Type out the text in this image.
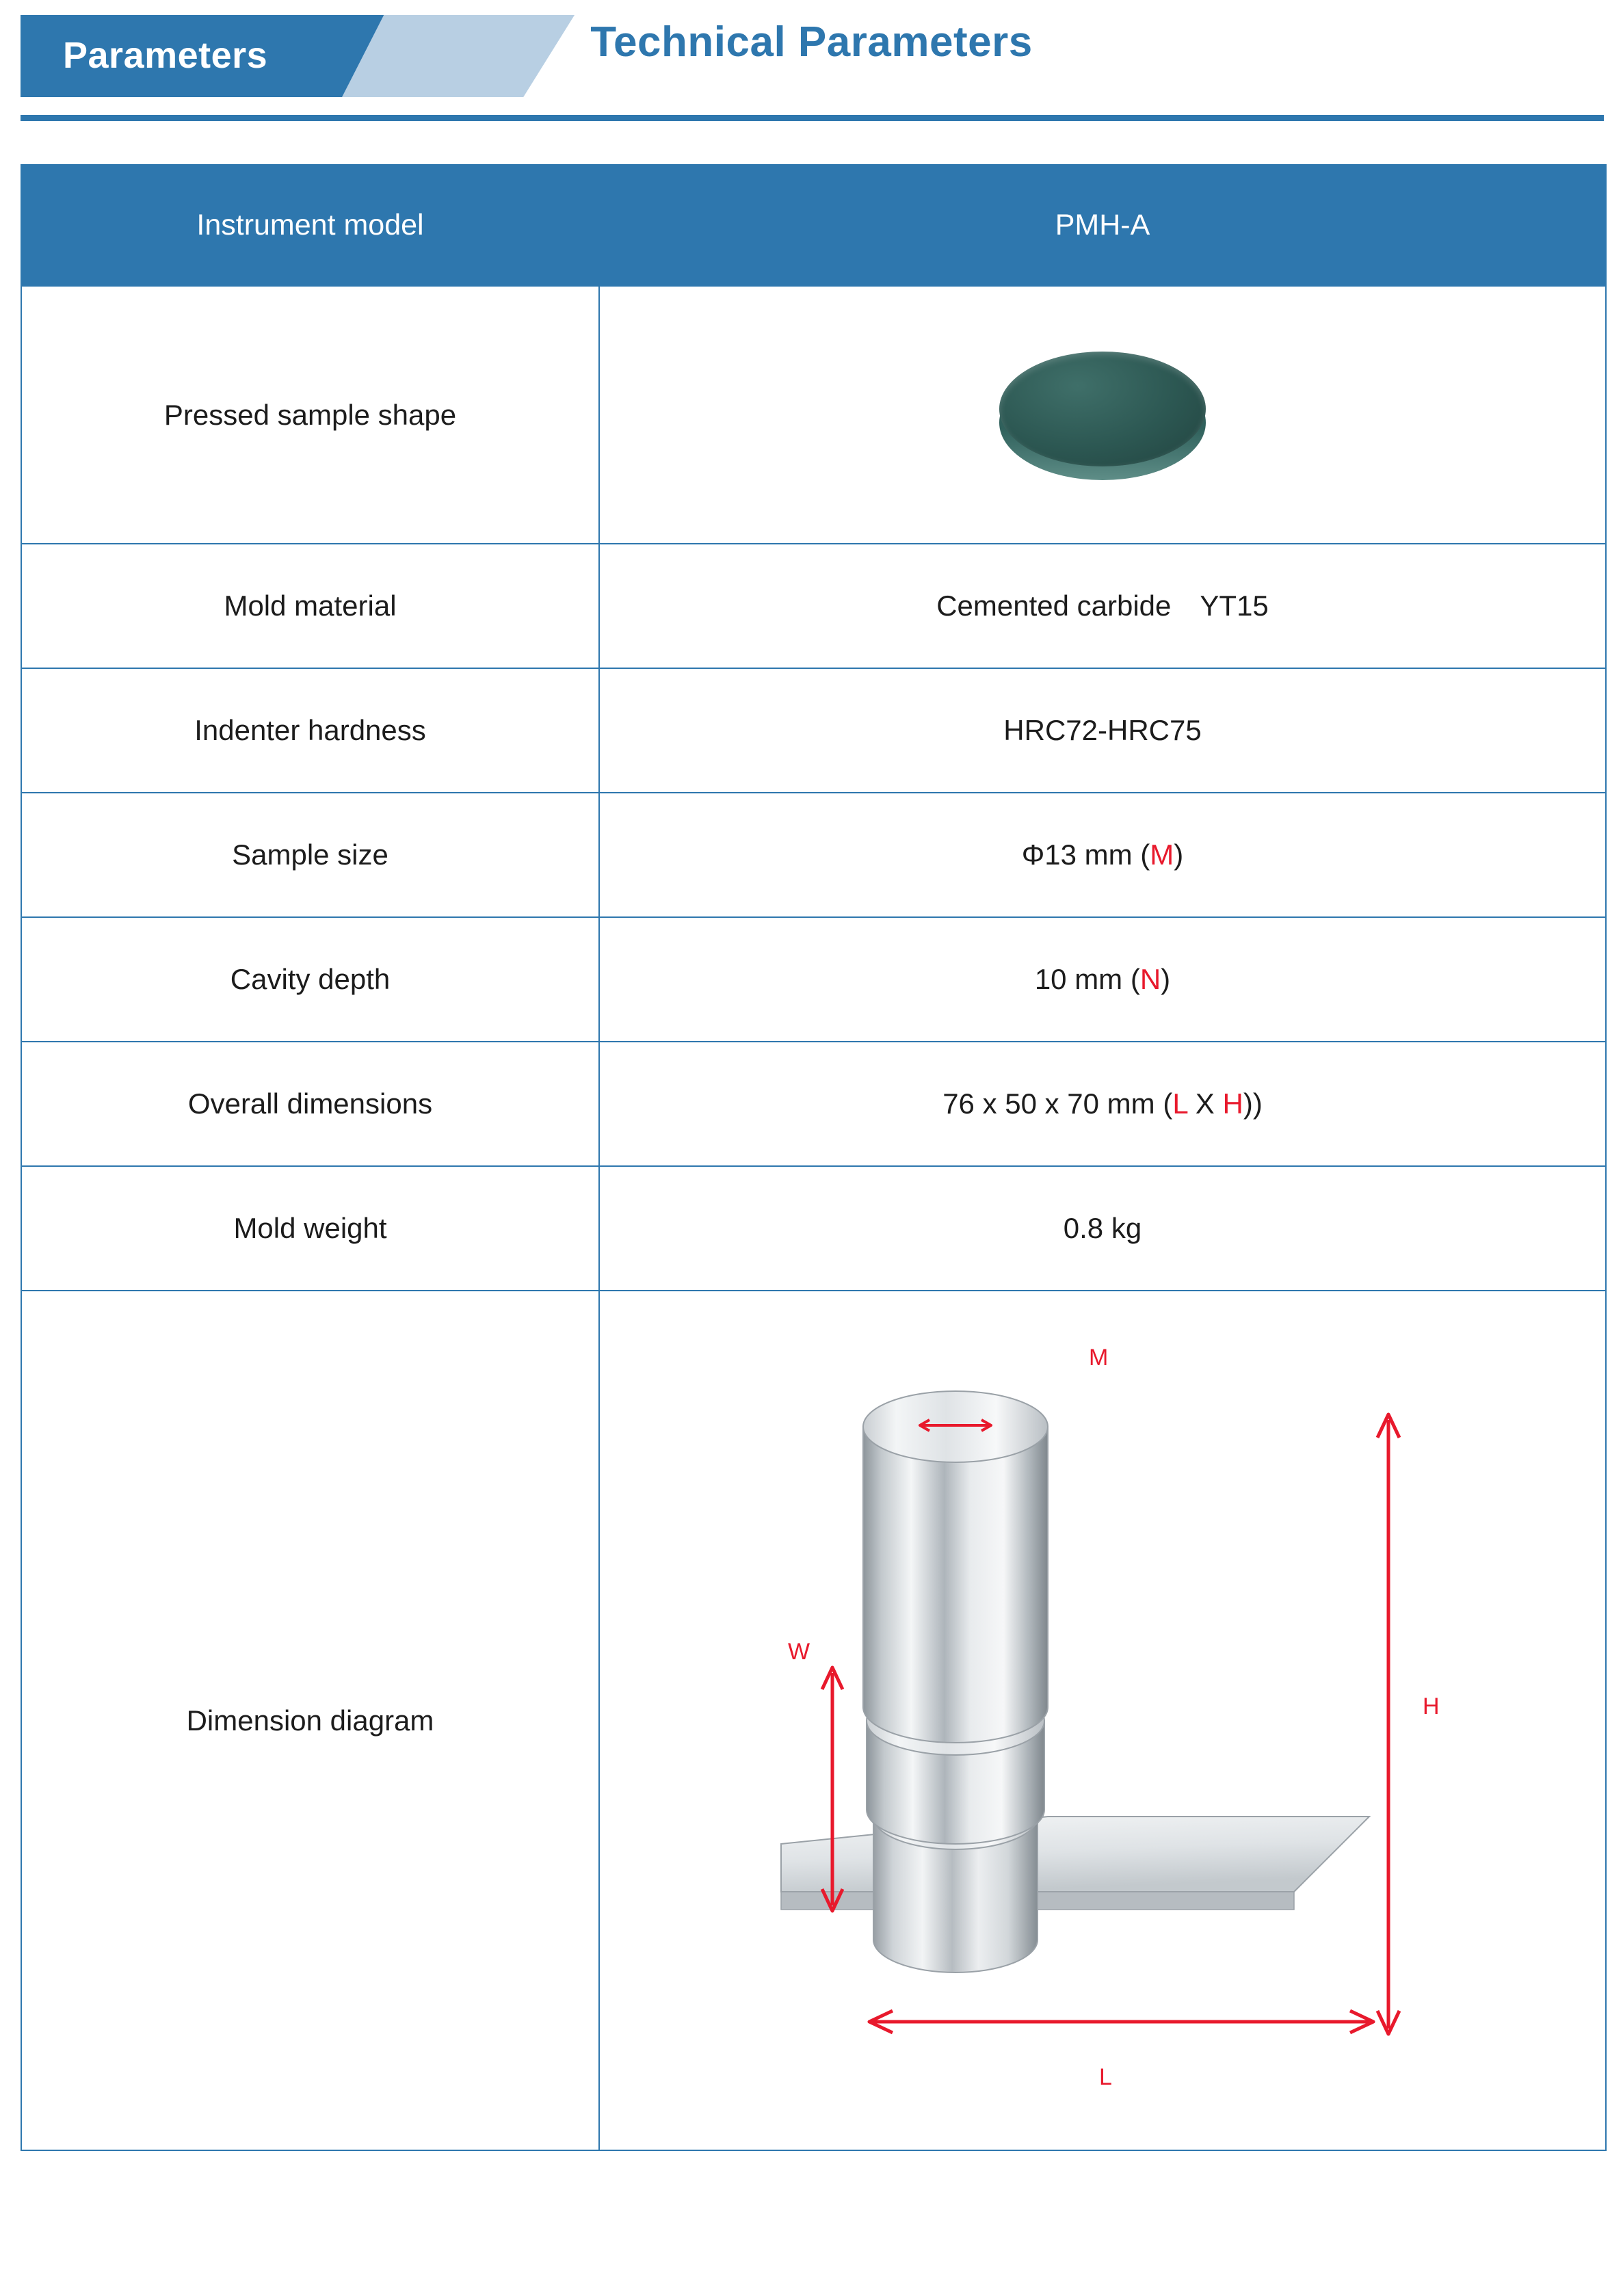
Parameters	Technical Parameters
Instrument model	PMH-A
Pressed sample shape	

Mold material	Cemented carbide YT15
Indenter hardness	HRC72-HRC75
Sample size	Φ13 mm (M)
Cavity depth	10 mm (N)
Overall dimensions	76 x 50 x 70 mm (L X H))
Mold weight	0.8 kg
Dimension diagram	M
H
W
L
